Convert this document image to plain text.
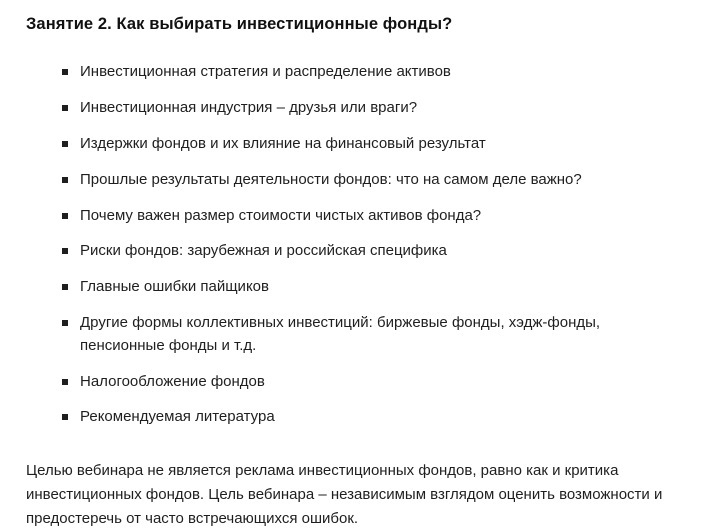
Занятие 2. Как выбирать инвестиционные фонды?
Инвестиционная стратегия и распределение активов
Инвестиционная индустрия – друзья или враги?
Издержки фондов и их влияние на финансовый результат
Прошлые результаты деятельности фондов: что на самом деле важно?
Почему важен размер стоимости чистых активов фонда?
Риски фондов: зарубежная и российская специфика
Главные ошибки пайщиков
Другие формы коллективных инвестиций: биржевые фонды, хэдж-фонды, пенсионные фонды и т.д.
Налогообложение фондов
Рекомендуемая литература

Целью вебинара не является реклама инвестиционных фондов, равно как и критика инвестиционных фондов. Цель вебинара – независимым взглядом оценить возможности и предостеречь от часто встречающихся ошибок.
